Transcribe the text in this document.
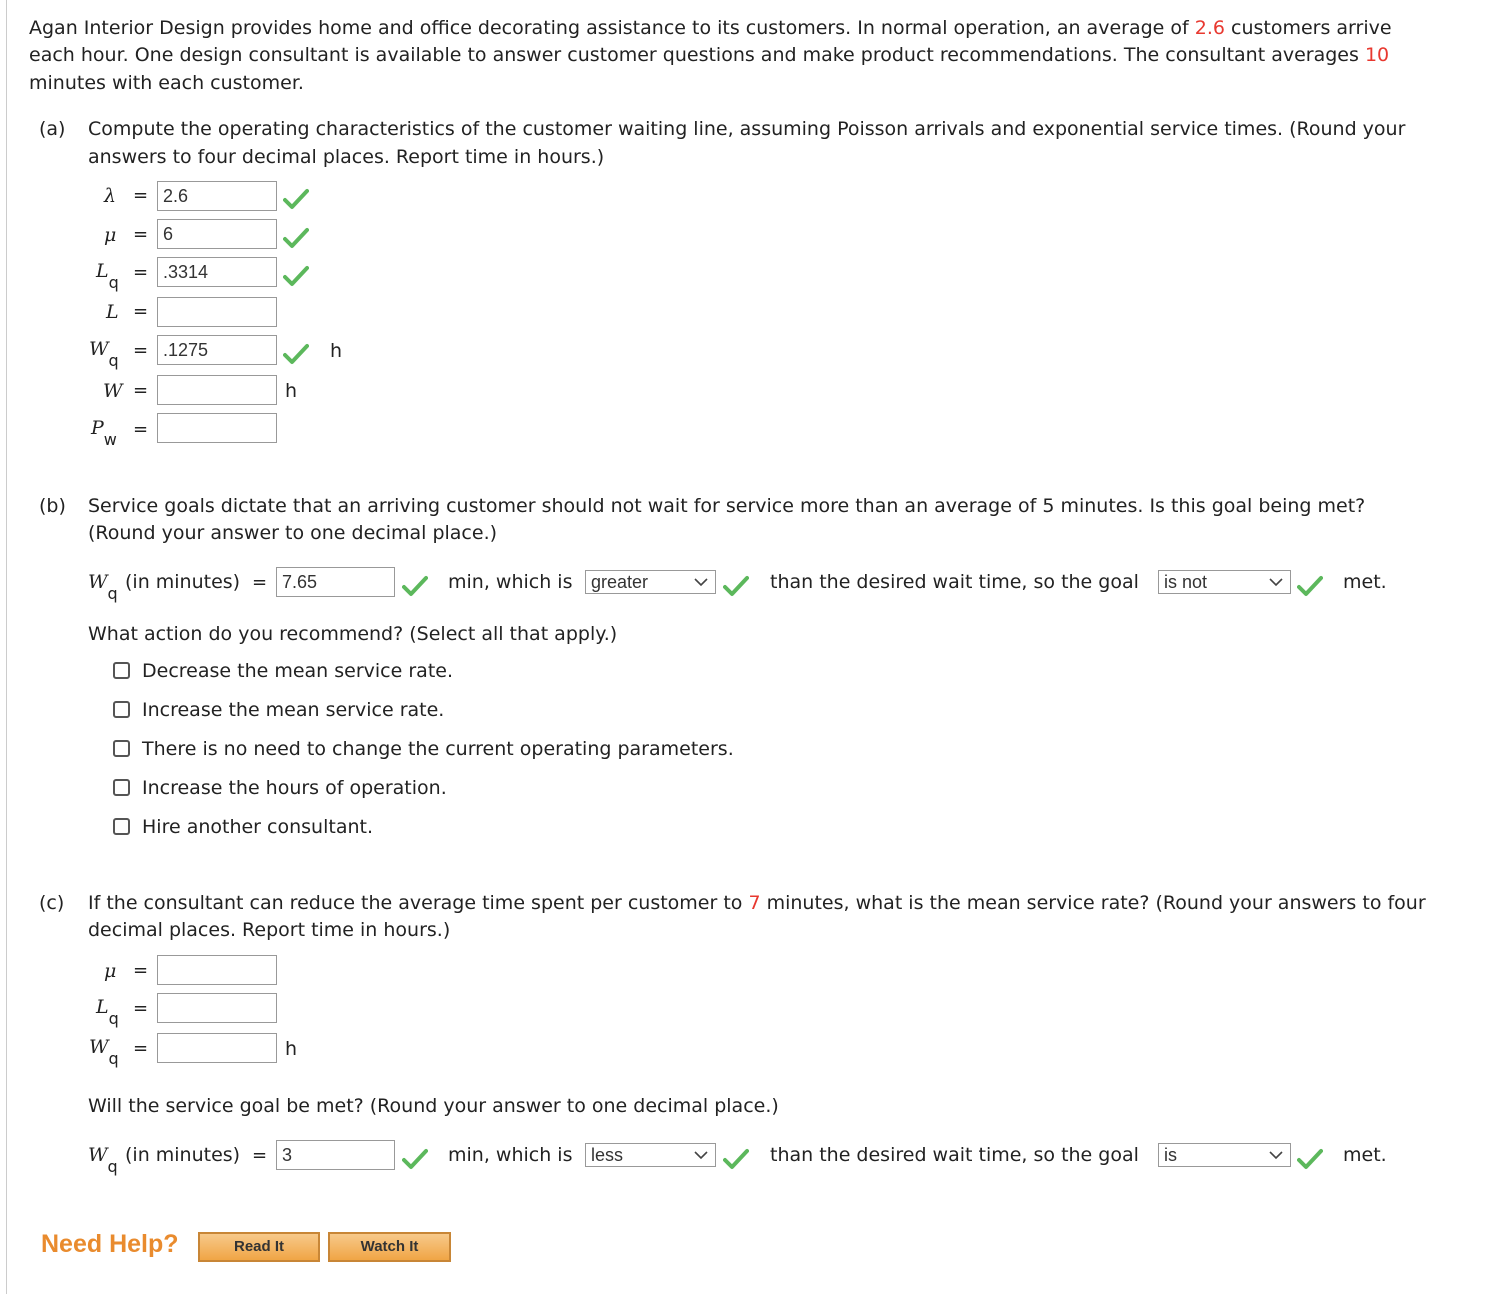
Agan Interior Design provides home and office decorating assistance to its customers. In normal operation, an average of 2.6 customers arrive
each hour. One design consultant is available to answer customer questions and make product recommendations. The consultant averages 10
minutes with each customer.
(a) Compute the operating characteristics of the customer waiting line, assuming Poisson arrivals and exponential service times. (Round your
answers to four decimal places. Report time in hours.)
λ = 2.6
μ = 6
$L_q = .3314$
L =
$W_q = .1275$	h
W =	h
$P_w$ =
(b) Service goals dictate that an arriving customer should not wait for service more than an average of 5 minutes. Is this goal being met?
(Round your answer to one decimal place.)
$W_q$
(in minutes) = 7.65	min, which is	greater	than the desired wait time, so the goal	is not	met.
What action do you recommend? (Select all that apply.)
Decrease the mean service rate.
Increase the mean service rate.
There is no need to change the current operating parameters.
Increase the hours of operation.
Hire another consultant.
(c) If the consultant can reduce the average time spent per customer to 7 minutes, what is the mean service rate? (Round your answers to four
decimal places. Report time in hours.)
μ =
$L_q$ =
$W_q$ =	h
Will the service goal be met? (Round your answer to one decimal place.)
$W_q$
(in minutes) = 3	min, which is	less	than the desired wait time, so the goal	is	met.
Need Help?	Read It	Watch It
